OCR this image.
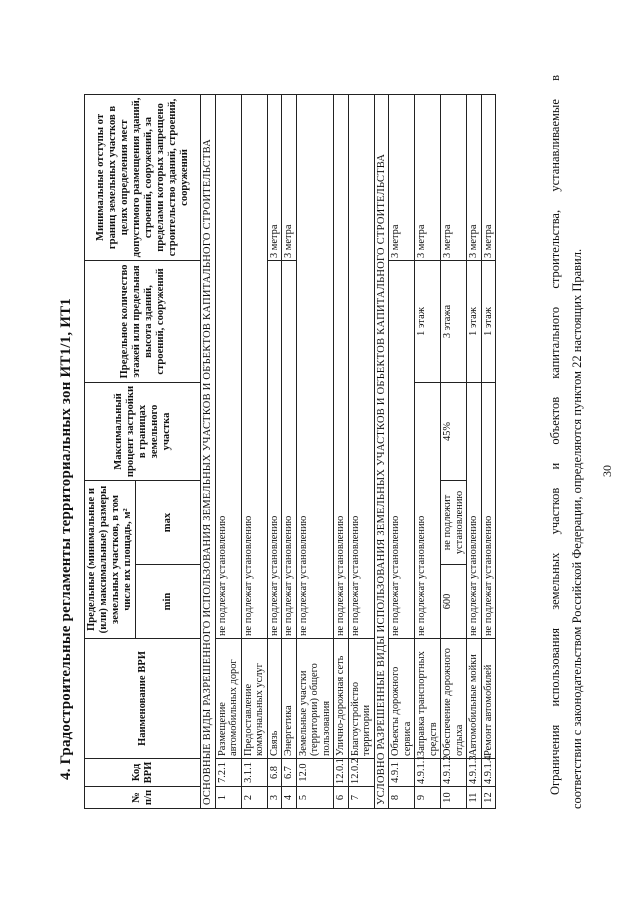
30
4. Градостроительные регламенты территориальных зон ИТ1/1, ИТ1
№ п/п	Код ВРИ	Наименование ВРИ	Предельные (минимальные и (или) максимальные) размеры земельных участков, в том числе их площадь, м²		Максимальный процент застройки в границах земельного участка	Предельное количество этажей или предельная высота зданий, строений, сооружений	Минимальные отступы от границ земельных участков в целях определения мест допустимого размещения зданий, строений, сооружений, за пределами которых запрещено строительство зданий, строений, сооружений
			min	max			
ОСНОВНЫЕ ВИДЫ РАЗРЕШЕННОГО ИСПОЛЬЗОВАНИЯ ЗЕМЕЛЬНЫХ УЧАСТКОВ И ОБЪЕКТОВ КАПИТАЛЬНОГО СТРОИТЕЛЬСТВА							
1	7.2.1	Размещение автомобильных дорог	не подлежат установлению				
2	3.1.1	Предоставление коммунальных услуг	не подлежат установлению				
3	6.8	Связь	не подлежат установлению				3 метра
4	6.7	Энергетика	не подлежат установлению				3 метра
5	12.0	Земельные участки (территории) общего пользования	не подлежат установлению				
6	12.0.1	Улично-дорожная сеть	не подлежат установлению				
7	12.0.2	Благоустройство территории	не подлежат установлению				
УСЛОВНО РАЗРЕШЕННЫЕ ВИДЫ ИСПОЛЬЗОВАНИЯ ЗЕМЕЛЬНЫХ УЧАСТКОВ И ОБЪЕКТОВ КАПИТАЛЬНОГО СТРОИТЕЛЬСТВА							
8	4.9.1	Объекты дорожного сервиса	не подлежат установлению				3 метра
9	4.9.1.1	Заправка транспортных средств	не подлежат установлению			1 этаж	3 метра
10	4.9.1.2	Обеспечение дорожного отдыха	600	не подлежит установлению	45%	3 этажа	3 метра
11	4.9.1.3	Автомобильные мойки	не подлежат установлению			1 этаж	3 метра
12	4.9.1.4	Ремонт автомобилей	не подлежат установлению			1 этаж	3 метра	Ограничения использования земельных участков и объектов капитального строительства, устанавливаемые в соответствии с законодательством Российской Федерации, определяются пунктом 22 настоящих Правил.
